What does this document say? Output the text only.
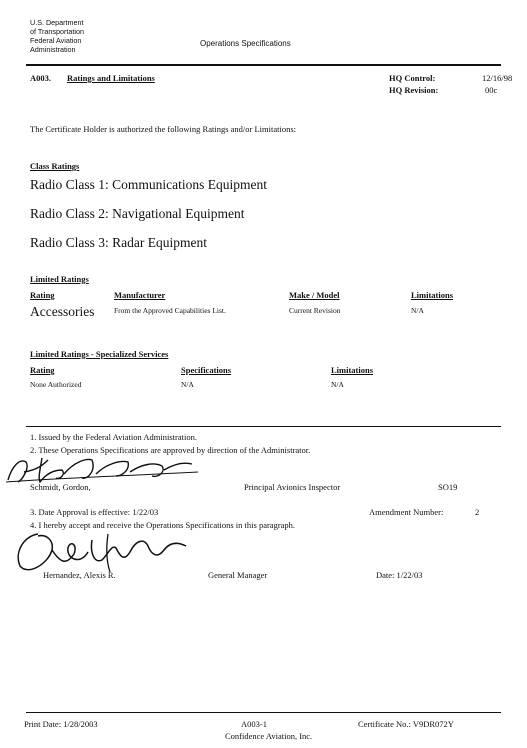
U.S. Department
of Transportation
Federal Aviation
Administration
Operations Specifications
A003. Ratings and Limitations	HQ Control:	12/16/98
HQ Revision:	00c
The Certificate Holder is authorized the following Ratings and/or Limitations:
Class Ratings
Radio Class 1: Communications Equipment
Radio Class 2: Navigational Equipment
Radio Class 3: Radar Equipment
Limited Ratings
Rating	Manufacturer	Make / Model	Limitations
Accessories	From the Approved Capabilities List.	Current Revision	N/A
Limited Ratings - Specialized Services
Rating	Specifications	Limitations
None Authorized	N/A	N/A
1. Issued by the Federal Aviation Administration.
2. These Operations Specifications are approved by direction of the Administrator.
Schmidt, Gordon,	Principal Avionics Inspector	SO19
3. Date Approval is effective: 1/22/03	Amendment Number:	2
4. I hereby accept and receive the Operations Specifications in this paragraph.
Hernandez, Alexis R.	General Manager	Date: 1/22/03
Print Date: 1/28/2003	A003-1
Confidence Aviation, Inc.
Certificate No.: V9DR072Y
